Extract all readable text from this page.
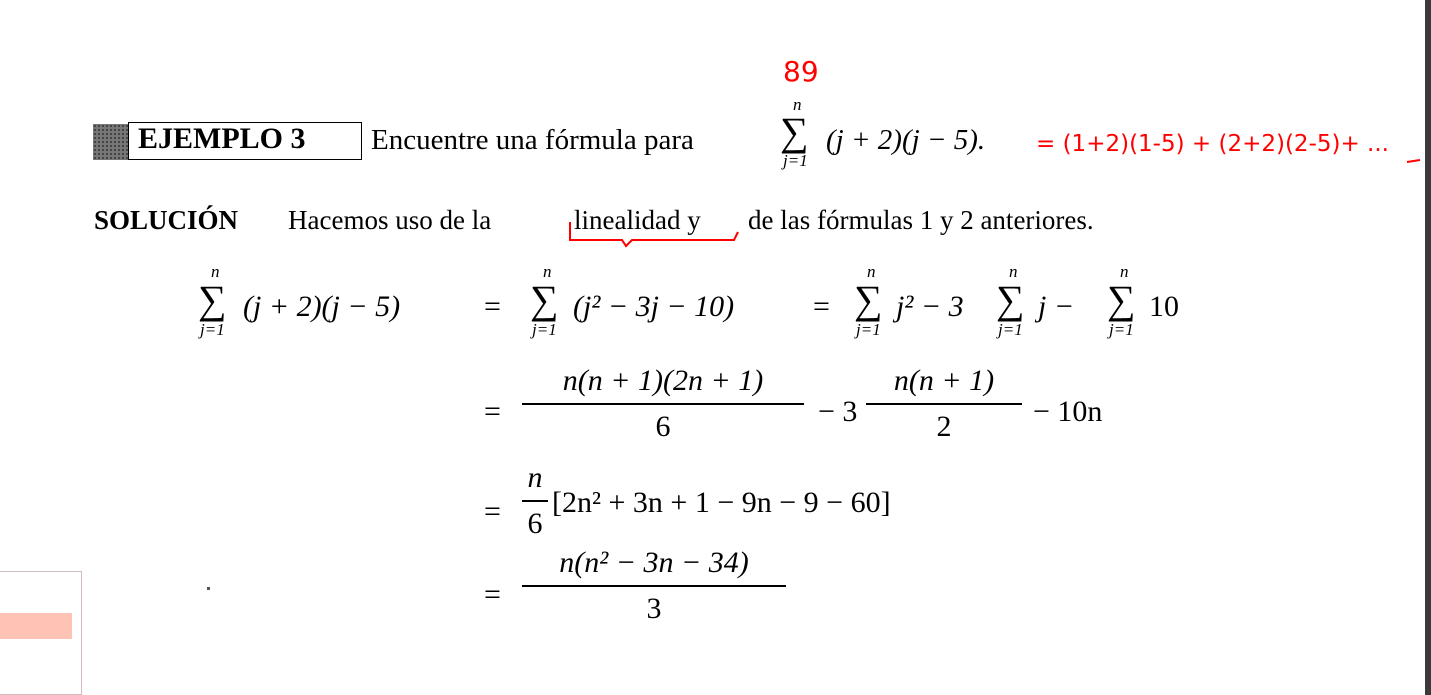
EJEMPLO 3 Encuentre una fórmula para
n
∑
j=1
(j + 2)(j − 5).
89
= (1+2)(1-5) + (2+2)(2-5)+ ...
SOLUCIÓN Hacemos uso de la	linealidad y de las fórmulas 1 y 2 anteriores.
n
∑
j=1
(j + 2)(j − 5)	=
n
∑
j=1
(j² − 3j − 10)	=
n
∑
j=1
j² − 3
n
∑
j=1
j −
n
∑
j=1
10
=
n(n + 1)(2n + 1)
6	− 3
n(n + 1)
2	− 10n
=
n
6
[2n² + 3n + 1 − 9n − 9 − 60]
=
n(n² − 3n − 34)
3
